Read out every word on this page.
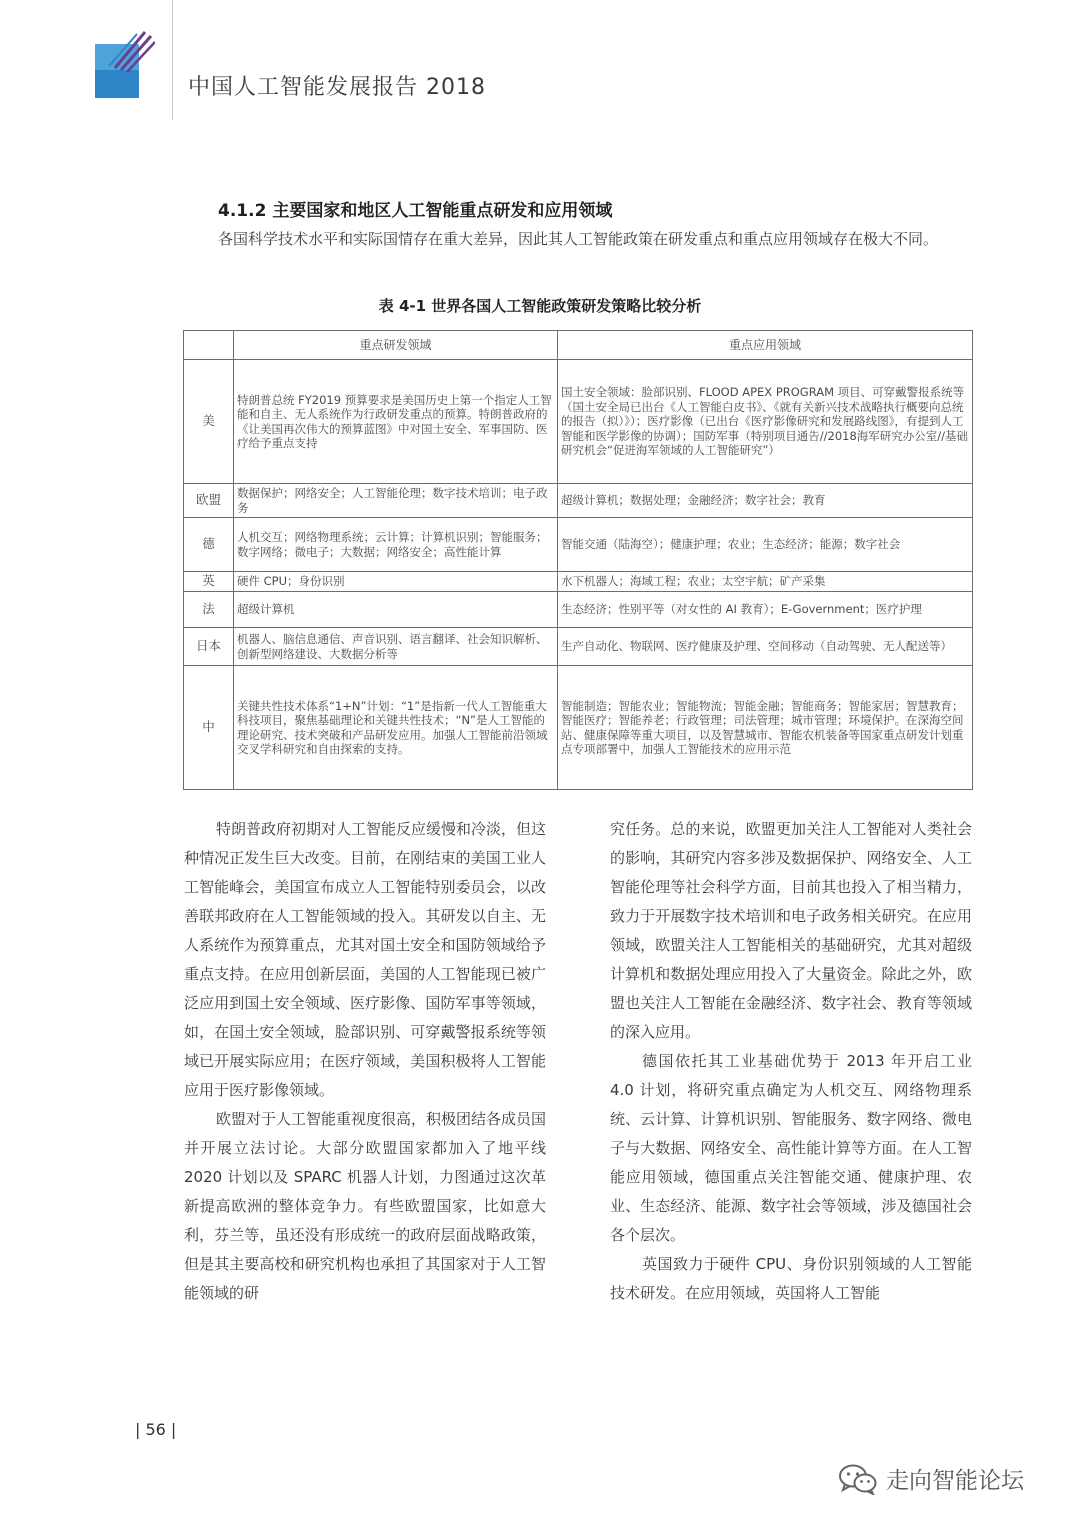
中国人工智能发展报告 2018
4.1.2 主要国家和地区人工智能重点研发和应用领域
各国科学技术水平和实际国情存在重大差异，因此其人工智能政策在研发重点和重点应用领域存在极大不同。
表 4-1 世界各国人工智能政策研发策略比较分析
	重点研发领域	重点应用领域
美	特朗普总统 FY2019 预算要求是美国历史上第一个指定人工智能和自主、无人系统作为行政研发重点的预算。特朗普政府的《让美国再次伟大的预算蓝图》中对国土安全、军事国防、医疗给予重点支持	国土安全领域：脸部识别、FLOOD APEX PROGRAM 项目、可穿戴警报系统等（国土安全局已出台《人工智能白皮书》、《就有关新兴技术战略执行概要向总统的报告（拟）》）；医疗影像（已出台《医疗影像研究和发展路线图》，有提到人工智能和医学影像的协调）；国防军事（特别项目通告//2018海军研究办公室//基础研究机会“促进海军领域的人工智能研究”）
欧盟	数据保护；网络安全；人工智能伦理；数字技术培训；电子政务	超级计算机；数据处理；金融经济；数字社会；教育
德	人机交互；网络物理系统；云计算；计算机识别；智能服务；数字网络；微电子；大数据；网络安全；高性能计算	智能交通（陆海空）；健康护理；农业；生态经济；能源；数字社会
英	硬件 CPU；身份识别	水下机器人；海域工程；农业；太空宇航；矿产采集
法	超级计算机	生态经济；性别平等（对女性的 AI 教育）；E-Government；医疗护理
日本	机器人、脑信息通信、声音识别、语言翻译、社会知识解析、创新型网络建设、大数据分析等	生产自动化、物联网、医疗健康及护理、空间移动（自动驾驶、无人配送等）
中	关键共性技术体系“1+N”计划：“1”是指新一代人工智能重大科技项目，聚焦基础理论和关键共性技术；“N”是人工智能的理论研究、技术突破和产品研发应用。加强人工智能前沿领域交叉学科研究和自由探索的支持。	智能制造；智能农业；智能物流；智能金融；智能商务；智能家居；智慧教育；智能医疗；智能养老；行政管理；司法管理；城市管理；环境保护。在深海空间站、健康保障等重大项目，以及智慧城市、智能农机装备等国家重点研发计划重点专项部署中，加强人工智能技术的应用示范

特朗普政府初期对人工智能反应缓慢和冷淡，但这种情况正发生巨大改变。目前，在刚结束的美国工业人工智能峰会，美国宣布成立人工智能特别委员会，以改善联邦政府在人工智能领域的投入。其研发以自主、无人系统作为预算重点，尤其对国土安全和国防领域给予重点支持。在应用创新层面，美国的人工智能现已被广泛应用到国土安全领域、医疗影像、国防军事等领域，如，在国土安全领域，脸部识别、可穿戴警报系统等领域已开展实际应用；在医疗领域，美国积极将人工智能应用于医疗影像领域。

欧盟对于人工智能重视度很高，积极团结各成员国并开展立法讨论。大部分欧盟国家都加入了地平线 2020 计划以及 SPARC 机器人计划，力图通过这次革新提高欧洲的整体竞争力。有些欧盟国家，比如意大利，芬兰等，虽还没有形成统一的政府层面战略政策，但是其主要高校和研究机构也承担了其国家对于人工智能领域的研

究任务。总的来说，欧盟更加关注人工智能对人类社会的影响，其研究内容多涉及数据保护、网络安全、人工智能伦理等社会科学方面，目前其也投入了相当精力，致力于开展数字技术培训和电子政务相关研究。在应用领域，欧盟关注人工智能相关的基础研究，尤其对超级计算机和数据处理应用投入了大量资金。除此之外，欧盟也关注人工智能在金融经济、数字社会、教育等领域的深入应用。

德国依托其工业基础优势于 2013 年开启工业 4.0 计划，将研究重点确定为人机交互、网络物理系统、云计算、计算机识别、智能服务、数字网络、微电子与大数据、网络安全、高性能计算等方面。在人工智能应用领域，德国重点关注智能交通、健康护理、农业、生态经济、能源、数字社会等领域，涉及德国社会各个层次。

英国致力于硬件 CPU、身份识别领域的人工智能技术研发。在应用领域，英国将人工智能

| 56 |
走向智能论坛
